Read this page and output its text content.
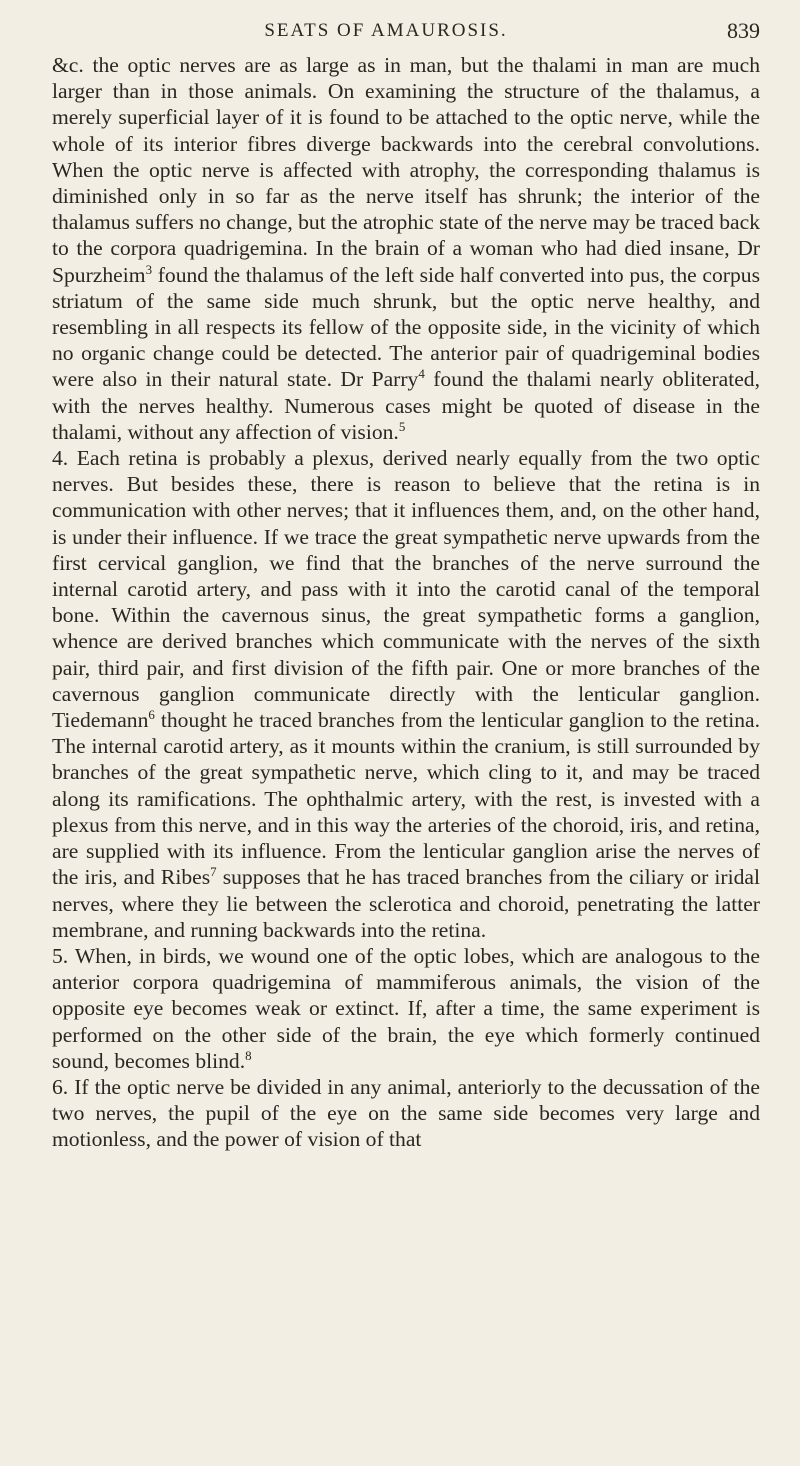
SEATS OF AMAUROSIS.	839

&c. the optic nerves are as large as in man, but the thalami in man are much larger than in those animals. On examining the structure of the thalamus, a merely superficial layer of it is found to be attached to the optic nerve, while the whole of its interior fibres diverge backwards into the cerebral convolutions. When the optic nerve is affected with atrophy, the corresponding thalamus is diminished only in so far as the nerve itself has shrunk; the interior of the thalamus suffers no change, but the atrophic state of the nerve may be traced back to the corpora quadrigemina. In the brain of a woman who had died insane, Dr Spurzheim$^3$ found the thalamus of the left side half converted into pus, the corpus striatum of the same side much shrunk, but the optic nerve healthy, and resembling in all respects its fellow of the opposite side, in the vicinity of which no organic change could be detected. The anterior pair of quadrigeminal bodies were also in their natural state. Dr Parry$^4$ found the thalami nearly obliterated, with the nerves healthy. Numerous cases might be quoted of disease in the thalami, without any affection of vision.$^5$

4. Each retina is probably a plexus, derived nearly equally from the two optic nerves. But besides these, there is reason to believe that the retina is in communication with other nerves; that it influences them, and, on the other hand, is under their influence. If we trace the great sympathetic nerve upwards from the first cervical ganglion, we find that the branches of the nerve surround the internal carotid artery, and pass with it into the carotid canal of the temporal bone. Within the cavernous sinus, the great sympathetic forms a ganglion, whence are derived branches which communicate with the nerves of the sixth pair, third pair, and first division of the fifth pair. One or more branches of the cavernous ganglion communicate directly with the lenticular ganglion. Tiedemann$^6$ thought he traced branches from the lenticular ganglion to the retina. The internal carotid artery, as it mounts within the cranium, is still surrounded by branches of the great sympathetic nerve, which cling to it, and may be traced along its ramifications. The ophthalmic artery, with the rest, is invested with a plexus from this nerve, and in this way the arteries of the choroid, iris, and retina, are supplied with its influence. From the lenticular ganglion arise the nerves of the iris, and Ribes$^7$ supposes that he has traced branches from the ciliary or iridal nerves, where they lie between the sclerotica and choroid, penetrating the latter membrane, and running backwards into the retina.

5. When, in birds, we wound one of the optic lobes, which are analogous to the anterior corpora quadrigemina of mammiferous animals, the vision of the opposite eye becomes weak or extinct. If, after a time, the same experiment is performed on the other side of the brain, the eye which formerly continued sound, becomes blind.$^8$

6. If the optic nerve be divided in any animal, anteriorly to the decussation of the two nerves, the pupil of the eye on the same side becomes very large and motionless, and the power of vision of that
